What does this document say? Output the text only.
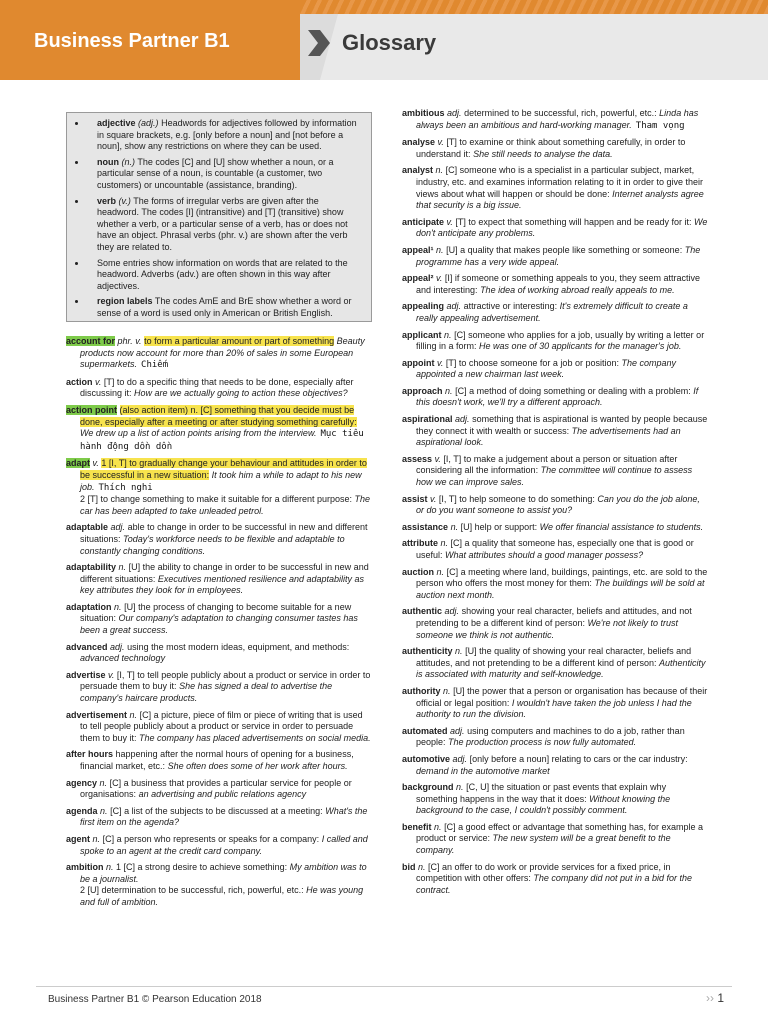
Business Partner B1	Glossary
• adjective (adj.) Headwords for adjectives followed by information in square brackets, e.g. [only before a noun] and [not before a noun], show any restrictions on where they can be used.
• noun (n.) The codes [C] and [U] show whether a noun, or a particular sense of a noun, is countable (a customer, two customers) or uncountable (assistance, branding).
• verb (v.) The forms of irregular verbs are given after the headword. The codes [I] (intransitive) and [T] (transitive) show whether a verb, or a particular sense of a verb, has or does not have an object. Phrasal verbs (phr. v.) are shown after the verb they are related to.
• Some entries show information on words that are related to the headword. Adverbs (adv.) are often shown in this way after adjectives.
• region labels The codes AmE and BrE show whether a word or sense of a word is used only in American or British English.
account for phr. v. to form a particular amount or part of something Beauty products now account for more than 20% of sales in some European supermarkets. Chiếm
action v. [T] to do a specific thing that needs to be done, especially after discussing it: How are we actually going to action these objectives?
action point (also action item) n. [C] something that you decide must be done, especially after a meeting or after studying something carefully: We drew up a list of action points arising from the interview. Mục tiêu hành động dồn dồn
adapt v. 1 [I, T] to gradually change your behaviour and attitudes in order to be successful in a new situation: It took him a while to adapt to his new job. Thích nghi
2 [T] to change something to make it suitable for a different purpose: The car has been adapted to take unleaded petrol.
adaptable adj. able to change in order to be successful in new and different situations: Today's workforce needs to be flexible and adaptable to constantly changing conditions.
adaptability n. [U] the ability to change in order to be successful in new and different situations: Executives mentioned resilience and adaptability as key attributes they look for in employees.
adaptation n. [U] the process of changing to become suitable for a new situation: Our company's adaptation to changing consumer tastes has been a great success.
advanced adj. using the most modern ideas, equipment, and methods: advanced technology
advertise v. [I, T] to tell people publicly about a product or service in order to persuade them to buy it: She has signed a deal to advertise the company's haircare products.
advertisement n. [C] a picture, piece of film or piece of writing that is used to tell people publicly about a product or service in order to persuade them to buy it: The company has placed advertisements on social media.
after hours happening after the normal hours of opening for a business, financial market, etc.: She often does some of her work after hours.
agency n. [C] a business that provides a particular service for people or organisations: an advertising and public relations agency
agenda n. [C] a list of the subjects to be discussed at a meeting: What's the first item on the agenda?
agent n. [C] a person who represents or speaks for a company: I called and spoke to an agent at the credit card company.
ambition n. 1 [C] a strong desire to achieve something: My ambition was to be a journalist.
2 [U] determination to be successful, rich, powerful, etc.: He was young and full of ambition.
ambitious adj. determined to be successful, rich, powerful, etc.: Linda has always been an ambitious and hard-working manager. Tham vọng
analyse v. [T] to examine or think about something carefully, in order to understand it: She still needs to analyse the data.
analyst n. [C] someone who is a specialist in a particular subject, market, industry, etc. and examines information relating to it in order to give their views about what will happen or should be done: Internet analysts agree that security is a big issue.
anticipate v. [T] to expect that something will happen and be ready for it: We don't anticipate any problems.
appeal¹ n. [U] a quality that makes people like something or someone: The programme has a very wide appeal.
appeal² v. [I] if someone or something appeals to you, they seem attractive and interesting: The idea of working abroad really appeals to me.
appealing adj. attractive or interesting: It's extremely difficult to create a really appealing advertisement.
applicant n. [C] someone who applies for a job, usually by writing a letter or filling in a form: He was one of 30 applicants for the manager's job.
appoint v. [T] to choose someone for a job or position: The company appointed a new chairman last week.
approach n. [C] a method of doing something or dealing with a problem: If this doesn't work, we'll try a different approach.
aspirational adj. something that is aspirational is wanted by people because they connect it with wealth or success: The advertisements had an aspirational look.
assess v. [I, T] to make a judgement about a person or situation after considering all the information: The committee will continue to assess how we can improve sales.
assist v. [I, T] to help someone to do something: Can you do the job alone, or do you want someone to assist you?
assistance n. [U] help or support: We offer financial assistance to students.
attribute n. [C] a quality that someone has, especially one that is good or useful: What attributes should a good manager possess?
auction n. [C] a meeting where land, buildings, paintings, etc. are sold to the person who offers the most money for them: The buildings will be sold at auction next month.
authentic adj. showing your real character, beliefs and attitudes, and not pretending to be a different kind of person: We're not likely to trust someone we think is not authentic.
authenticity n. [U] the quality of showing your real character, beliefs and attitudes, and not pretending to be a different kind of person: Authenticity is associated with maturity and self-knowledge.
authority n. [U] the power that a person or organisation has because of their official or legal position: I wouldn't have taken the job unless I had the authority to run the division.
automated adj. using computers and machines to do a job, rather than people: The production process is now fully automated.
automotive adj. [only before a noun] relating to cars or the car industry: demand in the automotive market
background n. [C, U] the situation or past events that explain why something happens in the way that it does: Without knowing the background to the case, I couldn't possibly comment.
benefit n. [C] a good effect or advantage that something has, for example a product or service: The new system will be a great benefit to the company.
bid n. [C] an offer to do work or provide services for a fixed price, in competition with other offers: The company did not put in a bid for the contract.
Business Partner B1 © Pearson Education 2018	›› 1
